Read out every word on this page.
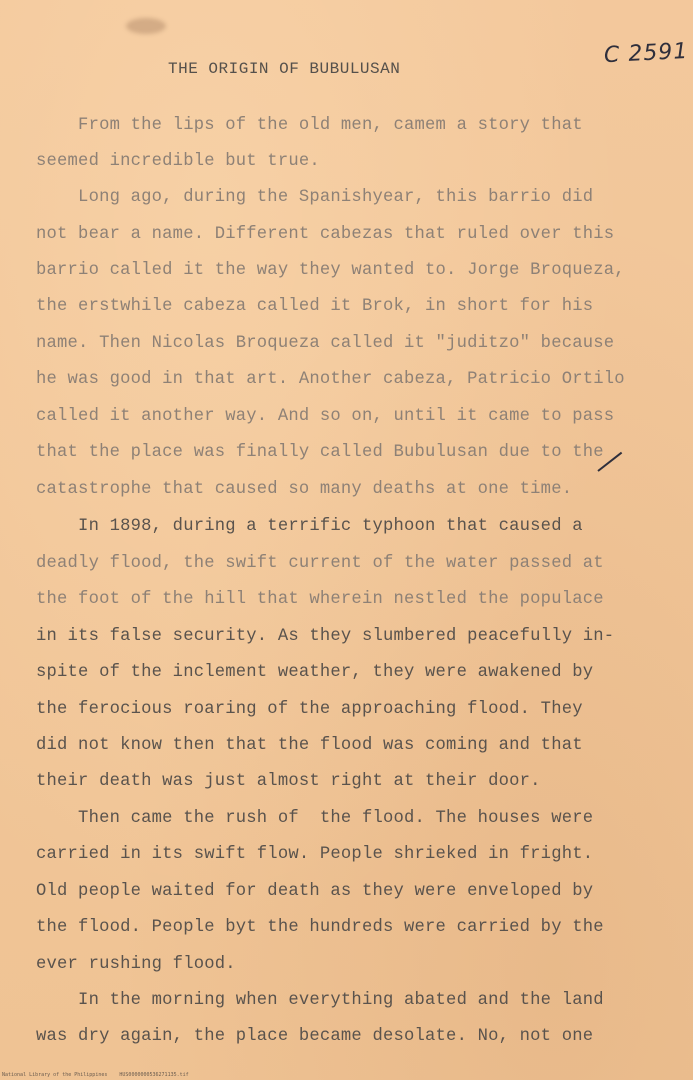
C 2591
THE ORIGIN OF BUBULUSAN
From the lips of the old men, camem a story that
seemed incredible but true.
Long ago, during the Spanishyear, this barrio did
not bear a name. Different cabezas that ruled over this
barrio called it the way they wanted to. Jorge Broqueza,
the erstwhile cabeza called it Brok, in short for his
name. Then Nicolas Broqueza called it "juditzo" because
he was good in that art. Another cabeza, Patricio Ortilo
called it another way. And so on, until it came to pass
that the place was finally called Bubulusan due to the
catastrophe that caused so many deaths at one time.
In 1898, during a terrific typhoon that caused a
deadly flood, the swift current of the water passed at
the foot of the hill that wherein nestled the populace
in its false security. As they slumbered peacefully in-
spite of the inclement weather, they were awakened by
the ferocious roaring of the approaching flood. They
did not know then that the flood was coming and that
their death was just almost right at their door.
Then came the rush of  the flood. The houses were
carried in its swift flow. People shrieked in fright.
Old people waited for death as they were enveloped by
the flood. People byt the hundreds were carried by the
ever rushing flood.
In the morning when everything abated and the land
was dry again, the place became desolate. No, not one
National Library of the Philippines    HUS0000000536271135.tif
